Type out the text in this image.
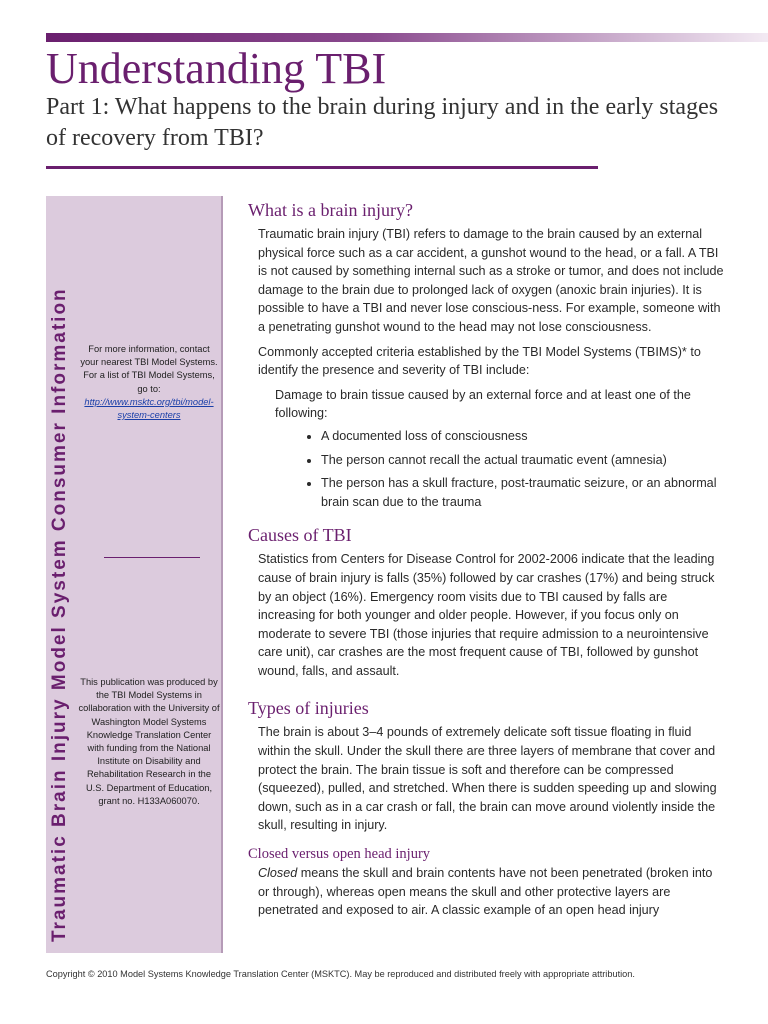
Understanding TBI

Part 1: What happens to the brain during injury and in the early stages of recovery from TBI?

Traumatic Brain Injury Model System Consumer Information	For more information, contact your nearest TBI Model Systems. For a list of TBI Model Systems, go to:
http://www.msktc.org/tbi/model-system-centers
This publication was produced by the TBI Model Systems in collaboration with the University of Washington Model Systems Knowledge Translation Center with funding from the National Institute on Disability and Rehabilitation Research in the U.S. Department of Education, grant no. H133A060070.
What is a brain injury?

Traumatic brain injury (TBI) refers to damage to the brain caused by an external physical force such as a car accident, a gunshot wound to the head, or a fall. A TBI is not caused by something internal such as a stroke or tumor, and does not include damage to the brain due to prolonged lack of oxygen (anoxic brain injuries). It is possible to have a TBI and never lose conscious-ness. For example, someone with a penetrating gunshot wound to the head may not lose consciousness.

Commonly accepted criteria established by the TBI Model Systems (TBIMS)* to identify the presence and severity of TBI include:

Damage to brain tissue caused by an external force and at least one of the following:

• A documented loss of consciousness
• The person cannot recall the actual traumatic event (amnesia)
• The person has a skull fracture, post-traumatic seizure, or an abnormal brain scan due to the trauma
Causes of TBI

Statistics from Centers for Disease Control for 2002-2006 indicate that the leading cause of brain injury is falls (35%) followed by car crashes (17%) and being struck by an object (16%). Emergency room visits due to TBI caused by falls are increasing for both younger and older people. However, if you focus only on moderate to severe TBI (those injuries that require admission to a neurointensive care unit), car crashes are the most frequent cause of TBI, followed by gunshot wound, falls, and assault.

Types of injuries

The brain is about 3–4 pounds of extremely delicate soft tissue floating in fluid within the skull. Under the skull there are three layers of membrane that cover and protect the brain. The brain tissue is soft and therefore can be compressed (squeezed), pulled, and stretched. When there is sudden speeding up and slowing down, such as in a car crash or fall, the brain can move around violently inside the skull, resulting in injury.

Closed versus open head injury

Closed means the skull and brain contents have not been penetrated (broken into or through), whereas open means the skull and other protective layers are penetrated and exposed to air. A classic example of an open head injury

Copyright © 2010 Model Systems Knowledge Translation Center (MSKTC). May be reproduced and distributed freely with appropriate attribution.
